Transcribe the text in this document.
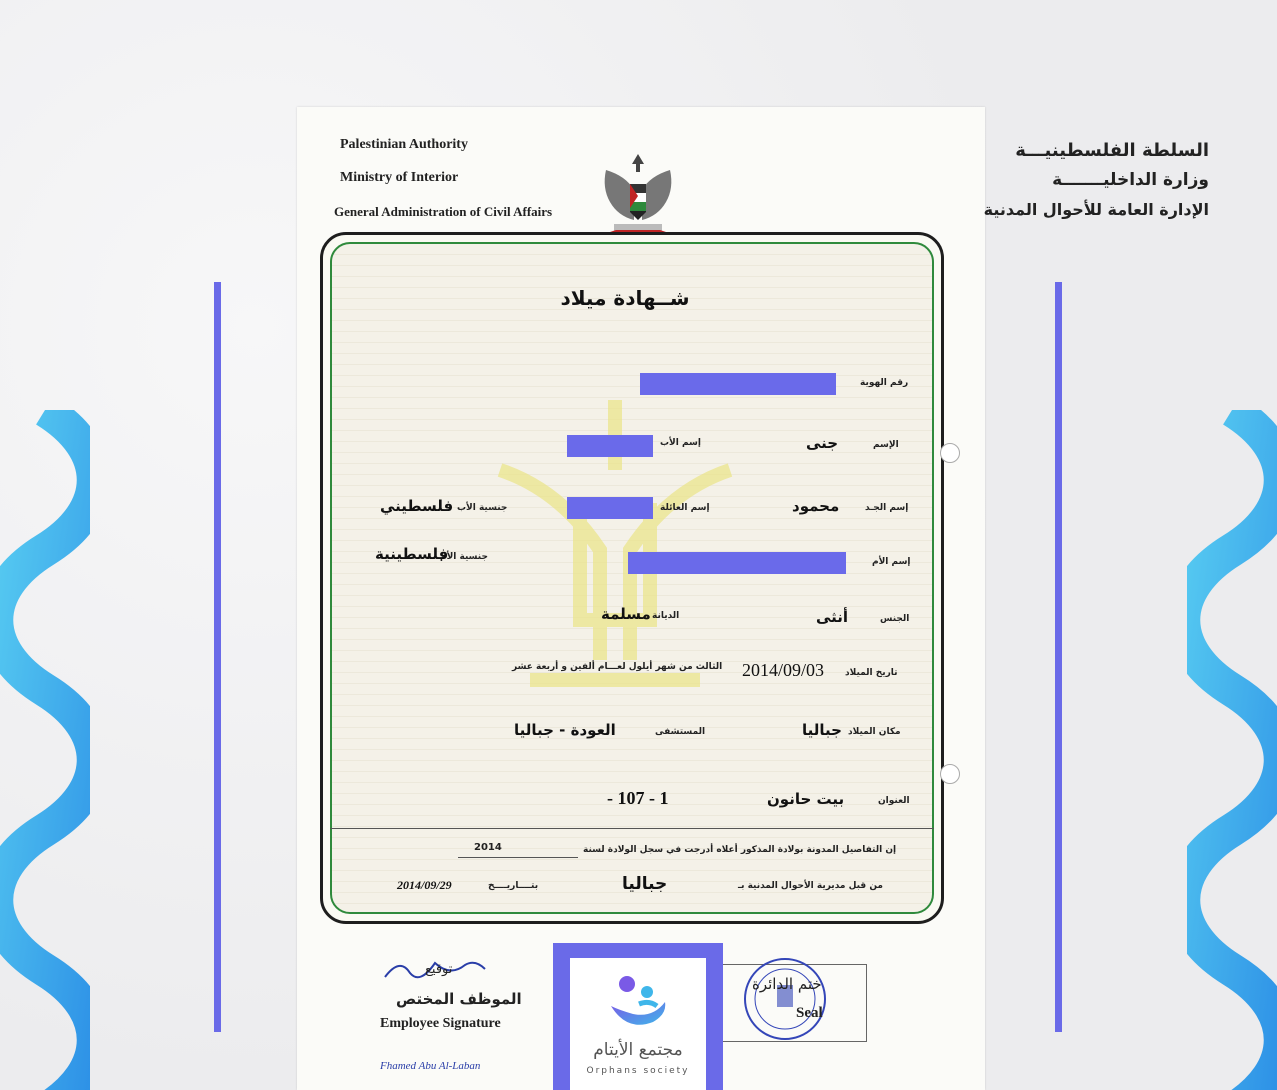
Palestinian Authority
Ministry of Interior
General Administration of Civil Affairs
السلطة الفلسطينيـــة
وزارة الداخليـــــــة
الإدارة العامة للأحوال المدنية
شــهادة ميلاد
رقم الهوية
الإسم
جنى
إسم الأب
إسم الجـد
محمود
إسم العائلة
جنسية الأب
فلسطيني
إسم الأم
جنسية الأم
فلسطينية
الجنس
أنثى
الديانة
مسلمة
تاريخ الميلاد
2014/09/03
الثالث من شهر أيلول لعـــام ألفين و أربعة عشر
مكان الميلاد
جباليا
المستشفى
العودة - جباليا
العنوان
بيت حانون
1 - 107 -
إن التفاصيل المدونة بولادة المذكور أعلاه أدرجت في سجل الولادة لسنة
2014
من قبل مديرية الأحوال المدنية بـ
جباليا
بتــــاريــــخ
2014/09/29
توقيع
الموظف المختص
Employee Signature
Fhamed Abu Al-Laban
ختم الدائرة
Seal
مجتمع الأيتام
Orphans society
